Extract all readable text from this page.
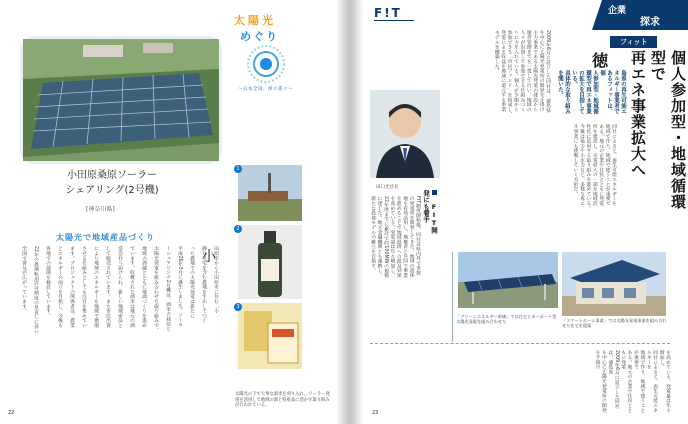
小田原桑原ソーラー
シェアリング(2号機)
[神奈川県]
太陽光
めぐり
〜日本全国、津々浦々〜
1
2
3
太陽光で地域産品づくり
小
田原市から小田原市に住む「小
静な住宅を含む農地を生かしてつく
った農地での太陽光発電は新たに
平成26年3月に誕生しました。ソーラ
ーシェアリング2号機は、酒米の栽培と
太陽光発電を組み合わせた取り組みで、
地域の酒蔵とともに地酒づくりを進め
ています。収穫された酒米は地元の酒
造会社へ届けられ、新しい地域産品と
して販売されています。また市民出資
により地域のエネルギーを地域で循環
させる仕組みとしても注目を集めてい
ます。プロジェクトの関係者は、農業
とエネルギーの両立を目指し、今後も
各地での展開を検討しています。
22年の農地転用許可制度の見直しに伴い
全国で普及が広がっています。
太陽光の下で大事な酒米を刈り入れ。ソーラー発電を活用して地域の酒と特産品に活かす取り組みが行われている。
22
F!T	企業
探求
フィット
個人参加型・地域循環型で
再エネ事業拡大へ
徳
島県の再生可能エネルギー事業者であるフィットは、個
人参加型・地域循環型で再エネ事業の拡大を目指している。
具体的な取り組みを聞いた。
2009年6月に設立した同社は、徳島県
を中心に太陽光発電所の開発を手掛け
主力事業である太陽光発電の建設から
運営管理までを一貫して行い、地域の
人々が出資して参加できる仕組みづく
りに力を入れている。個人が少額から
参加できる「市民ファンド」を組成し、
発電による収益を地域に還元する事業
モデルを構築した。
同社によると、再生可能エネルギーを
地域で作り、地域で使うことが重要で
ある。地元の企業や住民とともに発電
所を建設し、売電収入の一部を地域活
性化に活用する取り組みを進めている。
今後は風力や小水力など、多様な再エ
ネ事業にも挑戦していく方針だ。
田口光社長
FIT開発にも着手
FIT制度開始後、同社は県内外で多数
の発電所を開発してきた。地域の遊休
地を有効活用し、地権者と共同で事業
を進めることで地域経済への波及効果
を高めている。発電量は年々増加し、
22年度までに累計で約100MWの規模
に達した。地元金融機関とも連携し、
新たな投資モデルの確立を目指す。
「グリーンエネルギー車庫」では住宅とカーポート型太陽光発電を組み合わせた	「スマートホーム事業」では太陽光発電事業を組み合わせた住宅を提案
を高めている。発電量は年々増加し、
同社によると、再生可能エネルギーを
地域で作り、地域で使うことが重要で
ある。地元の企業や住民とともに発電
2009年6月に設立した同社は、徳島県
を中心に太陽光発電所の開発を手掛け
23
